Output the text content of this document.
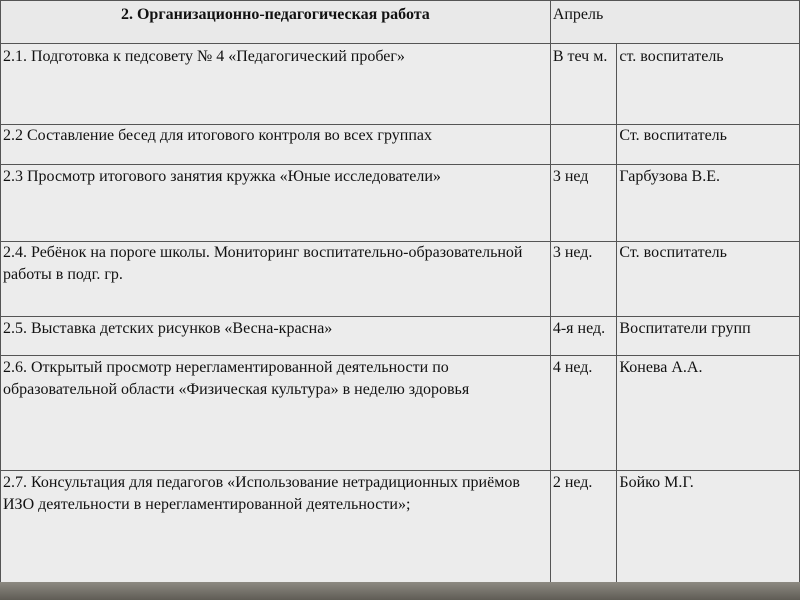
2. Организационно-педагогическая работа	Апрель	
2.1. Подготовка к педсовету № 4 «Педагогический пробег»	В теч м.	ст. воспитатель
2.2 Составление бесед для итогового контроля во всех группах		Ст. воспитатель
2.3 Просмотр итогового занятия кружка «Юные исследователи»	3 нед	Гарбузова В.Е.
2.4. Ребёнок на пороге школы. Мониторинг воспитательно-образовательной работы в подг. гр.	3 нед.	Ст. воспитатель
2.5. Выставка детских рисунков «Весна-красна»	4-я нед.	Воспитатели групп
2.6. Открытый просмотр нерегламентированной деятельности по образовательной области «Физическая культура» в неделю здоровья	4 нед.	Конева А.А.
2.7. Консультация для педагогов «Использование нетрадиционных приёмов ИЗО деятельности в нерегламентированной деятельности»;	2 нед.	Бойко М.Г.
